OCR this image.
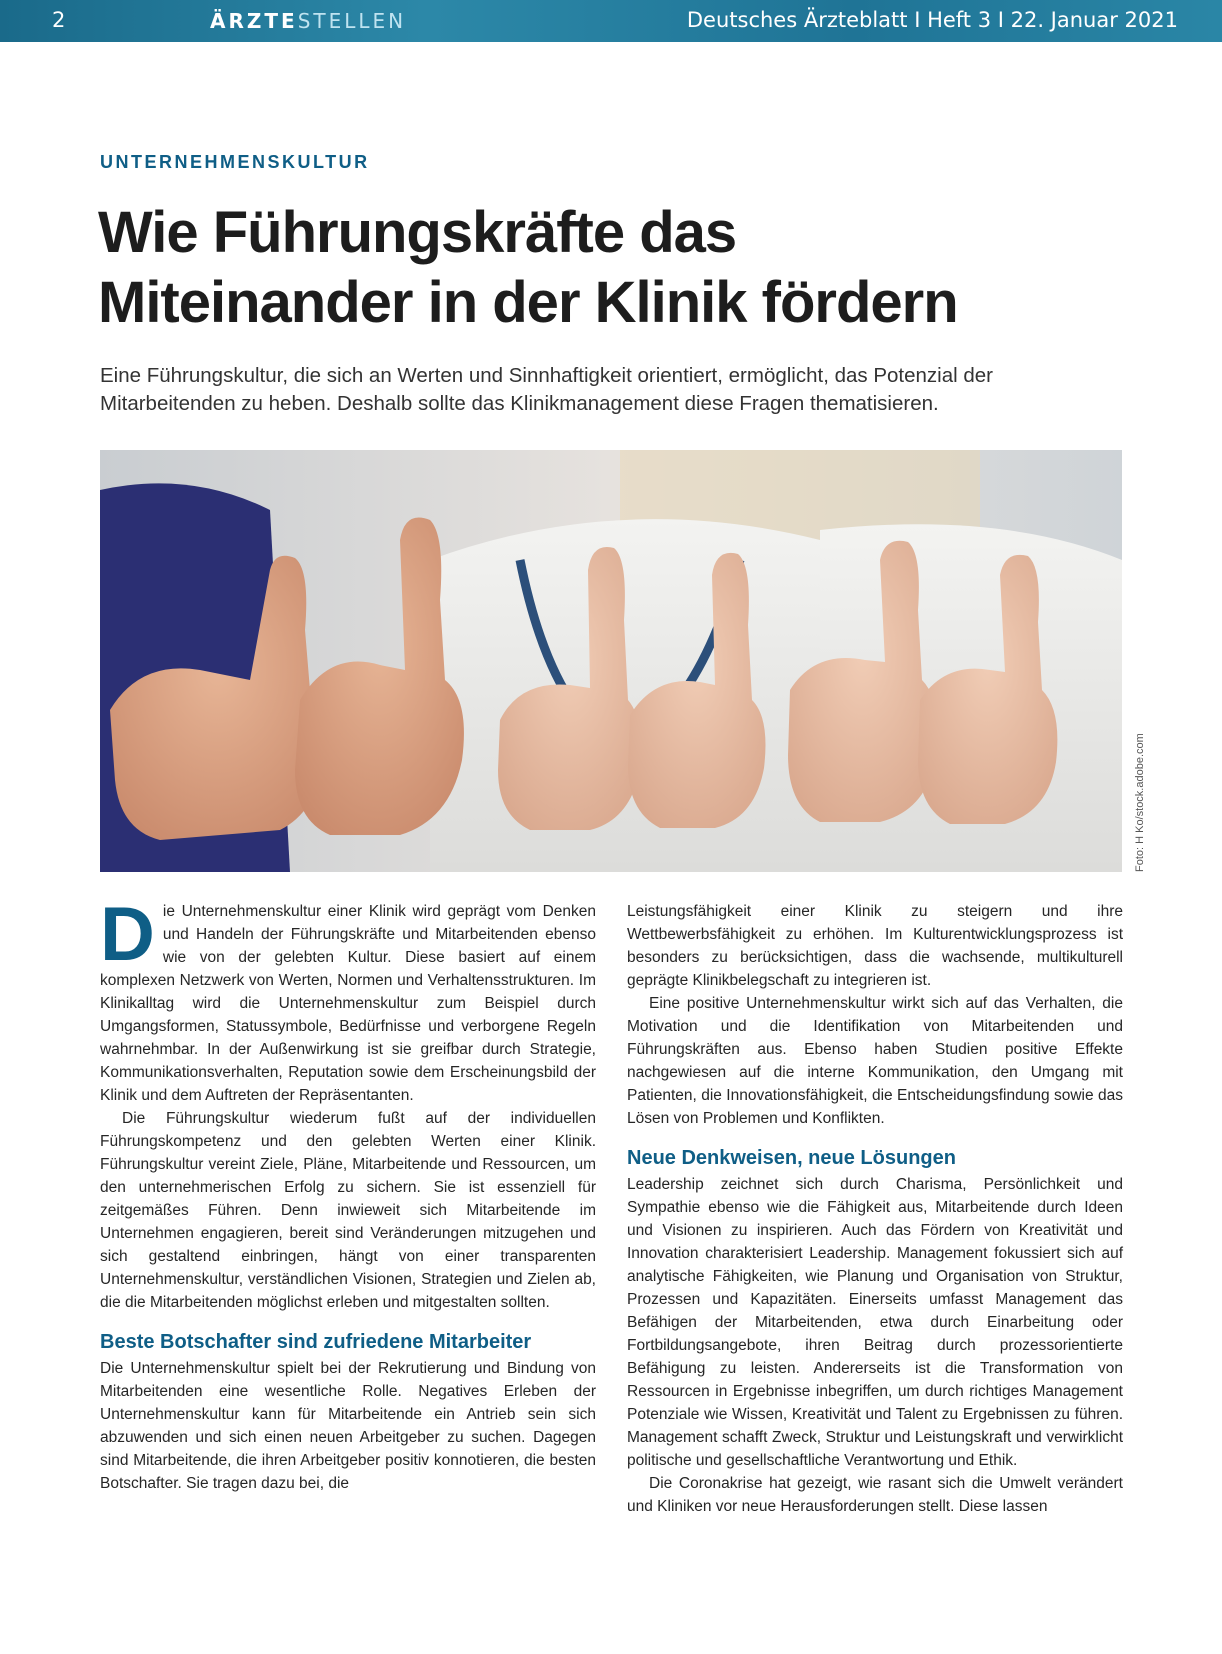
2	ÄRZTESTELLEN	Deutsches Ärzteblatt I Heft 3 I 22. Januar 2021
UNTERNEHMENSKULTUR
Wie Führungskräfte das
Miteinander in der Klinik fördern
Eine Führungskultur, die sich an Werten und Sinnhaftigkeit orientiert, ermöglicht, das Potenzial der Mitarbeitenden zu heben. Deshalb sollte das Klinikmanagement diese Fragen thematisieren.
Foto: H Ko/stock.adobe.com

Die Unternehmenskultur einer Klinik wird geprägt vom Denken und Handeln der Führungskräfte und Mitarbeitenden ebenso wie von der gelebten Kultur. Diese basiert auf einem komplexen Netzwerk von Werten, Normen und Verhaltensstrukturen. Im Klinikalltag wird die Unternehmenskultur zum Beispiel durch Umgangsformen, Statussymbole, Bedürfnisse und verborgene Regeln wahrnehmbar. In der Außenwirkung ist sie greifbar durch Strategie, Kommunikationsverhalten, Reputation sowie dem Erscheinungsbild der Klinik und dem Auftreten der Repräsentanten.

Die Führungskultur wiederum fußt auf der individuellen Führungskompetenz und den gelebten Werten einer Klinik. Führungskultur vereint Ziele, Pläne, Mitarbeitende und Ressourcen, um den unternehmerischen Erfolg zu sichern. Sie ist essenziell für zeitgemäßes Führen. Denn inwieweit sich Mitarbeitende im Unternehmen engagieren, bereit sind Veränderungen mitzugehen und sich gestaltend einbringen, hängt von einer transparenten Unternehmenskultur, verständlichen Visionen, Strategien und Zielen ab, die die Mitarbeitenden möglichst erleben und mitgestalten sollten.

Beste Botschafter sind zufriedene Mitarbeiter

Die Unternehmenskultur spielt bei der Rekrutierung und Bindung von Mitarbeitenden eine wesentliche Rolle. Negatives Erleben der Unternehmenskultur kann für Mitarbeitende ein Antrieb sein sich abzuwenden und sich einen neuen Arbeitgeber zu suchen. Dagegen sind Mitarbeitende, die ihren Arbeitgeber positiv konnotieren, die besten Botschafter. Sie tragen dazu bei, die

Leistungsfähigkeit einer Klinik zu steigern und ihre Wettbewerbsfähigkeit zu erhöhen. Im Kulturentwicklungsprozess ist besonders zu berücksichtigen, dass die wachsende, multikulturell geprägte Klinikbelegschaft zu integrieren ist.

Eine positive Unternehmenskultur wirkt sich auf das Verhalten, die Motivation und die Identifikation von Mitarbeitenden und Führungskräften aus. Ebenso haben Studien positive Effekte nachgewiesen auf die interne Kommunikation, den Umgang mit Patienten, die Innovationsfähigkeit, die Entscheidungsfindung sowie das Lösen von Problemen und Konflikten.

Neue Denkweisen, neue Lösungen

Leadership zeichnet sich durch Charisma, Persönlichkeit und Sympathie ebenso wie die Fähigkeit aus, Mitarbeitende durch Ideen und Visionen zu inspirieren. Auch das Fördern von Kreativität und Innovation charakterisiert Leadership. Management fokussiert sich auf analytische Fähigkeiten, wie Planung und Organisation von Struktur, Prozessen und Kapazitäten. Einerseits umfasst Management das Befähigen der Mitarbeitenden, etwa durch Einarbeitung oder Fortbildungsangebote, ihren Beitrag durch prozessorientierte Befähigung zu leisten. Andererseits ist die Transformation von Ressourcen in Ergebnisse inbegriffen, um durch richtiges Management Potenziale wie Wissen, Kreativität und Talent zu Ergebnissen zu führen. Management schafft Zweck, Struktur und Leistungskraft und verwirklicht politische und gesellschaftliche Verantwortung und Ethik.

Die Coronakrise hat gezeigt, wie rasant sich die Umwelt verändert und Kliniken vor neue Herausforderungen stellt. Diese lassen
